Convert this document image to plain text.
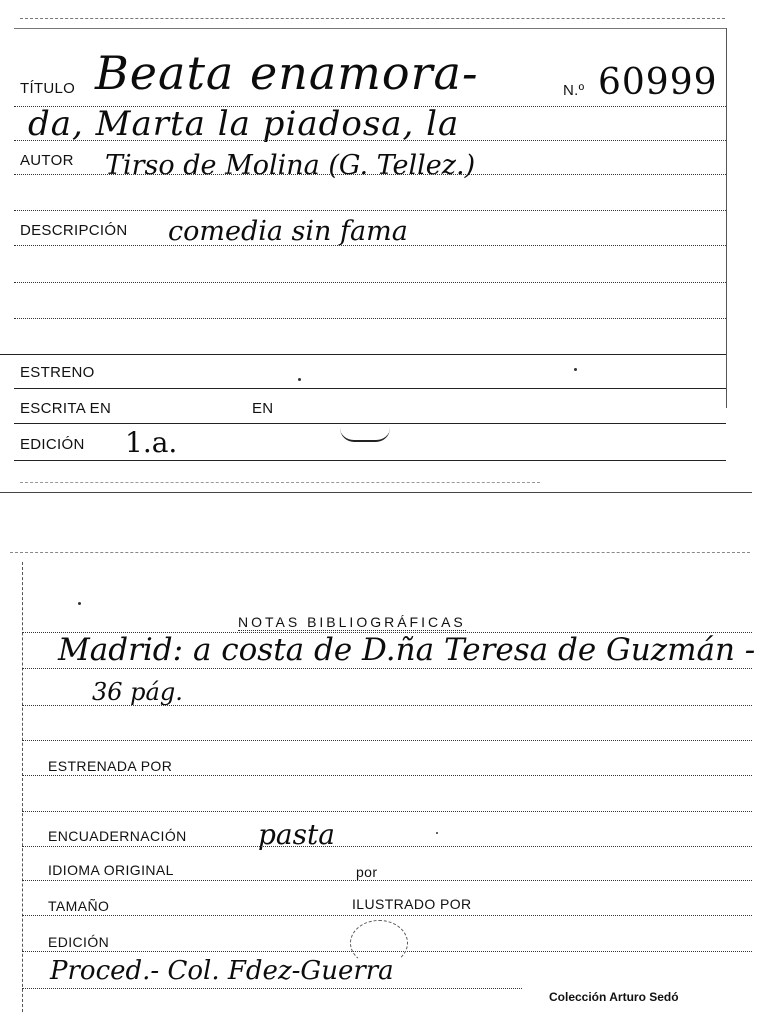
TÍTULO Beata enamora-	N.º 60999
da, Marta la piadosa, la
AUTOR Tirso de Molina (G. Tellez.)
DESCRIPCIÓN comedia sin fama
ESTRENO
ESCRITA EN	EN
EDICIÓN 1.a.
NOTAS BIBLIOGRÁFICAS
Madrid: a costa de D.ña Teresa de Guzmán -
36 pág.
ESTRENADA POR
ENCUADERNACIÓN	pasta
IDIOMA ORIGINAL	por
TAMAÑO	ILUSTRADO POR
EDICIÓN
Proced.- Col. Fdez-Guerra
Colección Arturo Sedó
